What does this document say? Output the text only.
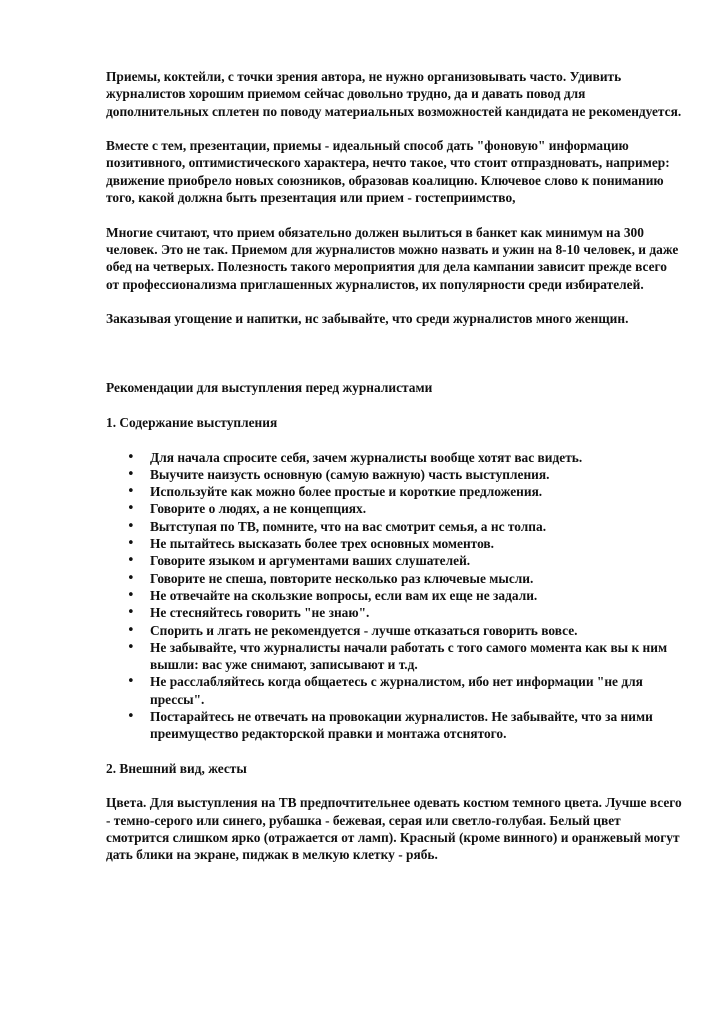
Приемы, коктейли, с точки зрения автора, не нужно организовывать часто. Удивить журналистов хорошим приемом сейчас довольно трудно, да и давать повод для дополнительных сплетен по поводу материальных возможностей кандидата не рекомендуется.

Вместе с тем, презентации, приемы - идеальный способ дать "фоновую" информацию позитивного, оптимистического характера, нечто такое, что стоит отпраздновать, например: движение приобрело новых союзников, образовав коалицию. Ключевое слово к пониманию того, какой должна быть презентация или прием - гостеприимство,

Многие считают, что прием обязательно должен вылиться в банкет как минимум на 300 человек. Это не так. Приемом для журналистов можно назвать и ужин на 8-10 человек, и даже обед на четверых. Полезность такого мероприятия для дела кампании зависит прежде всего от профессионализма приглашенных журналистов, их популярности среди избирателей.

Заказывая угощение и напитки, нс забывайте, что среди журналистов много женщин.

Рекомендации для выступления перед журналистами

1. Содержание выступления

• Для начала спросите себя, зачем журналисты вообще хотят вас видеть.
• Выучите наизусть основную (самую важную) часть выступления.
• Используйте как можно более простые и короткие предложения.
• Говорите о людях, а не концепциях.
• Вытступая по ТВ, помните, что на вас смотрит семья, а нс толпа.
• Не пытайтесь высказать более трех основных моментов.
• Говорите языком и аргументами ваших слушателей.
• Говорите не спеша, повторите несколько раз ключевые мысли.
• Не отвечайте на скользкие вопросы, если вам их еще не задали.
• Не стесняйтесь говорить "не знаю".
• Спорить и лгать не рекомендуется - лучше отказаться говорить вовсе.
• Не забывайте, что журналисты начали работать с того самого момента как вы к ним вышли: вас уже снимают, записывают и т.д.
• Не расслабляйтесь когда общаетесь с журналистом, ибо нет информации "не для прессы".
• Постарайтесь не отвечать на провокации журналистов. Не забывайте, что за ними преимущество редакторской правки и монтажа отснятого.

2. Внешний вид, жесты

Цвета. Для выступления на ТВ предпочтительнее одевать костюм темного цвета. Лучше всего - темно-серого или синего, рубашка - бежевая, серая или светло-голубая. Белый цвет смотрится слишком ярко (отражается от ламп). Красный (кроме винного) и оранжевый могут дать блики на экране, пиджак в мелкую клетку - рябь.
